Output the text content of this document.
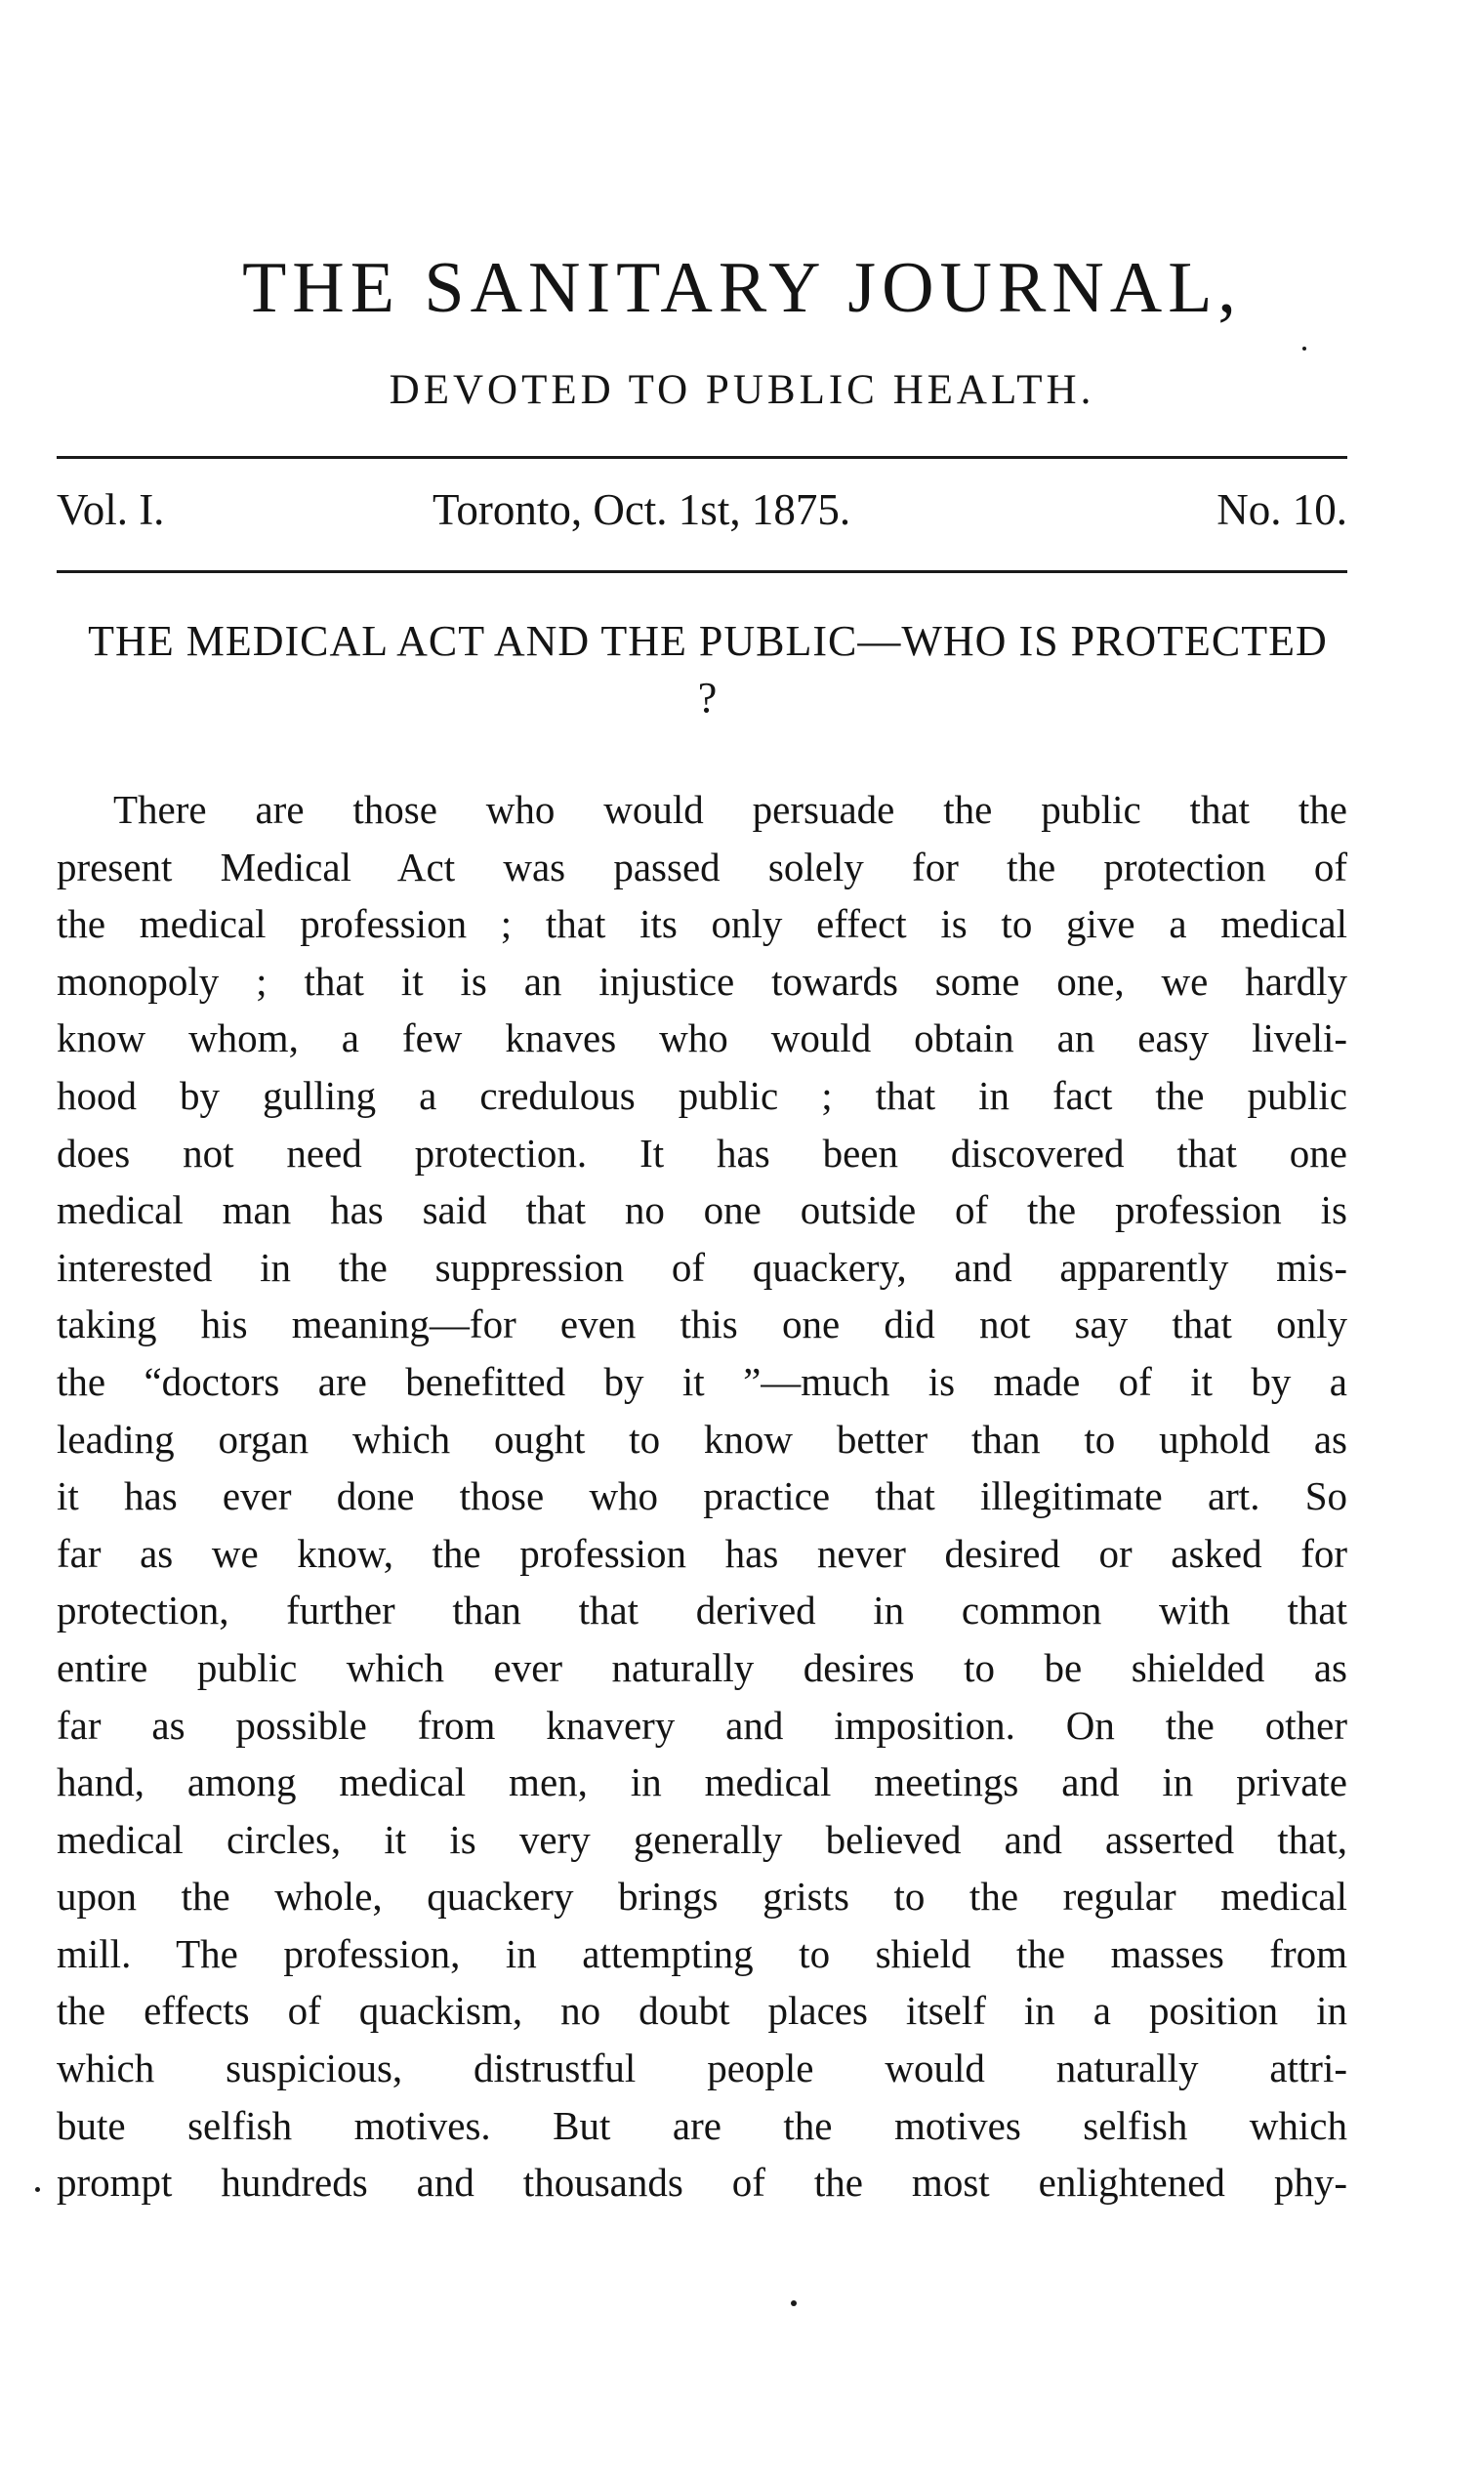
THE SANITARY JOURNAL,
DEVOTED TO PUBLIC HEALTH.
Vol. I.	Toronto, Oct. 1st, 1875.	No. 10.
THE MEDICAL ACT AND THE PUBLIC—WHO IS PROTECTED ?
There are those who would persuade the public that the
present Medical Act was passed solely for the protection of
the medical profession ; that its only effect is to give a medical
monopoly ; that it is an injustice towards some one, we hardly
know whom, a few knaves who would obtain an easy liveli-
hood by gulling a credulous public ; that in fact the public
does not need protection. It has been discovered that one
medical man has said that no one outside of the profession is
interested in the suppression of quackery, and apparently mis-
taking his meaning—for even this one did not say that only
the “doctors are benefitted by it ”—much is made of it by a
leading organ which ought to know better than to uphold as
it has ever done those who practice that illegitimate art. So
far as we know, the profession has never desired or asked for
protection, further than that derived in common with that
entire public which ever naturally desires to be shielded as
far as possible from knavery and imposition. On the other
hand, among medical men, in medical meetings and in private
medical circles, it is very generally believed and asserted that,
upon the whole, quackery brings grists to the regular medical
mill. The profession, in attempting to shield the masses from
the effects of quackism, no doubt places itself in a position in
which suspicious, distrustful people would naturally attri-
bute selfish motives. But are the motives selfish which
prompt hundreds and thousands of the most enlightened phy-
